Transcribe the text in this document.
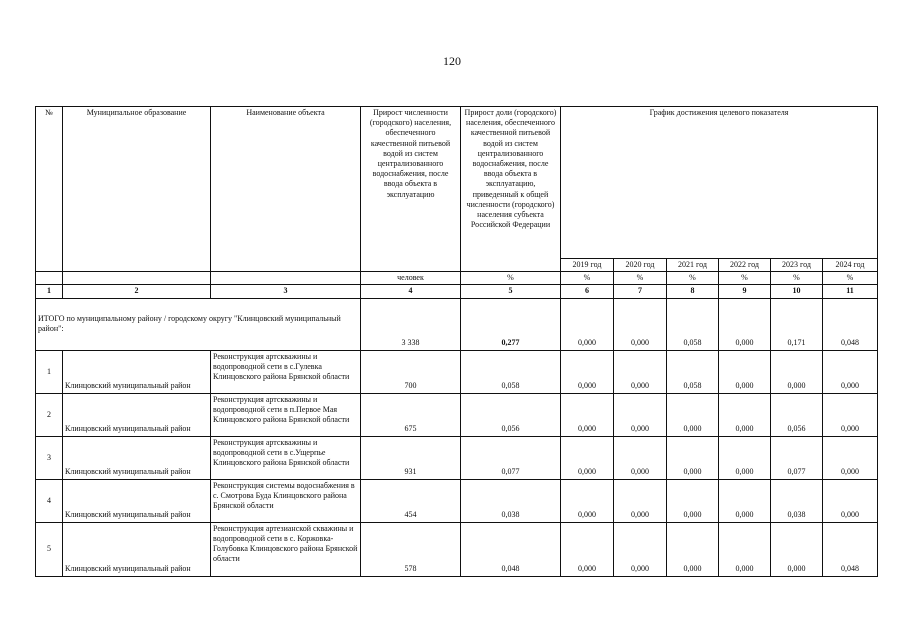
120
№	Муниципальное образование	Наименование объекта	Прирост численности (городского) населения, обеспеченного качественной питьевой водой из систем централизованного водоснабжения, после ввода объекта в эксплуатацию	Прирост доли (городского) населения, обеспеченного качественной питьевой водой из систем централизованного водоснабжения, после ввода объекта в эксплуатацию, приведенный к общей численности (городского) населения субъекта Российской Федерации	График достижения целевого показателя					
					2019 год	2020 год	2021 год	2022 год	2023 год	2024 год
			человек	%	%	%	%	%	%	%
1	2	3	4	5	6	7	8	9	10	11
ИТОГО по муниципальному району / городскому округу "Клинцовский муниципальный район":			3 338	0,277	0,000	0,000	0,058	0,000	0,171	0,048
1	Клинцовский муниципальный район	Реконструкция артскважины и водопроводной сети в с.Гулевка Клинцовского района Брянской области	700	0,058	0,000	0,000	0,058	0,000	0,000	0,000
2	Клинцовский муниципальный район	Реконструкция артскважины и водопроводной сети в п.Первое Мая Клинцовского района Брянской области	675	0,056	0,000	0,000	0,000	0,000	0,056	0,000
3	Клинцовский муниципальный район	Реконструкция артскважины и водопроводной сети в с.Ущерпье Клинцовского района Брянской области	931	0,077	0,000	0,000	0,000	0,000	0,077	0,000
4	Клинцовский муниципальный район	Реконструкция системы водоснабжения в с. Смотрова Буда Клинцовского района Брянской области	454	0,038	0,000	0,000	0,000	0,000	0,038	0,000
5	Клинцовский муниципальный район	Реконструкция артезианской скважины и водопроводной сети в с. Коржовка-Голубовка Клинцовского района Брянской области	578	0,048	0,000	0,000	0,000	0,000	0,000	0,048
